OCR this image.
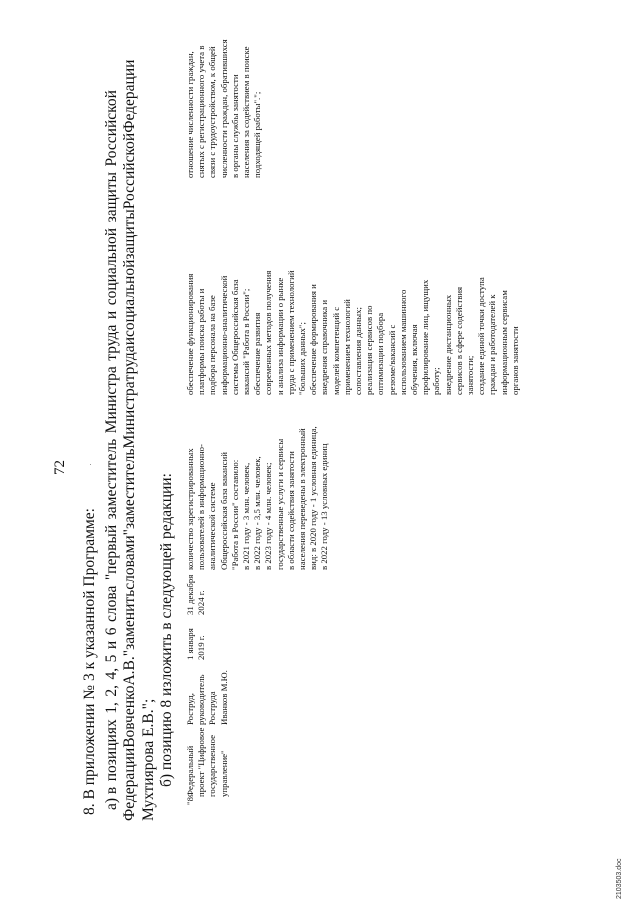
72
8. В приложении № 3 к указанной Программе: а) в
позициях
1,
2,
4,
5
и
6
слова
"первый
заместитель
Министра
труда
и
социальной
защиты
Российской
Федерации
Вовченко
А.В."
заменить
словами
"заместитель
Министра
труда
и
социальной
защиты
Российской
Федерации
Мухтиярова Е.В."; б) позицию 8 изложить в следующей редакции:
"8.
Федеральный проект "Цифровое государственное управление"
Роструд, руководитель Роструда Иванков М.Ю.
1 января 2019 г.
31 декабря 2024 г.
количество зарегистрированных пользователей в информационно- аналитической системе Общероссийская база вакансий "Работа в России" составило: в 2021 году - 3 млн. человек, в 2022 году - 3,5 млн. человек, в 2023 году - 4 млн. человек; государственные услуги и сервисы в области содействия занятости населения переведены в электронный вид: в 2020 году - 1 условная единица, в 2022 году - 13 условных единиц
обеспечение функционирования платформы поиска работы и подбора персонала на базе информационно-аналитической системы Общероссийская база вакансий "Работа в России"; обеспечение развития современных методов получения и анализа информации о рынке труда с применением технологий "больших данных"; обеспечение формирования и внедрения справочника и моделей компетенций с применением технологий сопоставления данных; реализация сервисов по оптимизации подбора резюме/вакансий с использованием машинного обучения, включая профилирование лиц, ищущих работу; внедрение дистанционных сервисов в сфере содействия занятости; создание единой точки доступа граждан и работодателей к информационным сервисам органов занятости
отношение численности граждан, снятых с регистрационного учета в связи с трудоустройством, к общей численности граждан, обратившихся в органы службы занятости населения за содействием в поиске подходящей работы".";
2103503.doc
